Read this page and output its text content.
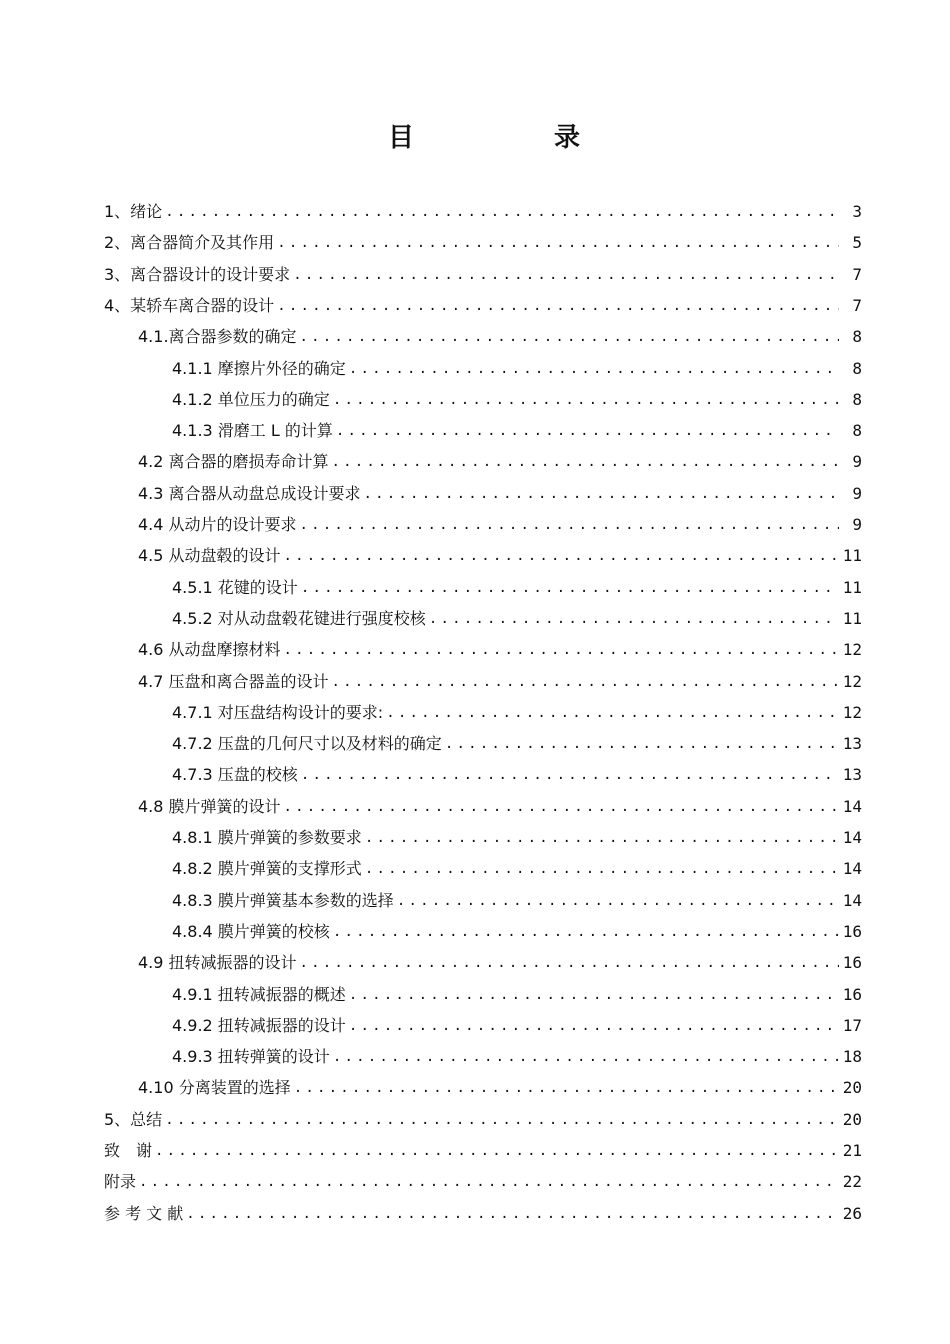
目	录
1、绪论 .....	3
2、离合器简介及其作用 .....	5
3、离合器设计的设计要求 .....	7
4、某轿车离合器的设计 .....	7
4.1.离合器参数的确定 .....	8
4.1.1 摩擦片外径的确定 .....	8
4.1.2 单位压力的确定 .....	8
4.1.3 滑磨工 L 的计算 .....	8
4.2 离合器的磨损寿命计算 .....	9
4.3 离合器从动盘总成设计要求 .....	9
4.4 从动片的设计要求 .....	9
4.5 从动盘毂的设计 .....	11
4.5.1 花键的设计 .....	11
4.5.2 对从动盘毂花键进行强度校核 .....	11
4.6 从动盘摩擦材料 .....	12
4.7 压盘和离合器盖的设计 .....	12
4.7.1 对压盘结构设计的要求: .....	12
4.7.2 压盘的几何尺寸以及材料的确定 .....	13
4.7.3 压盘的校核 .....	13
4.8 膜片弹簧的设计 .....	14
4.8.1 膜片弹簧的参数要求 .....	14
4.8.2 膜片弹簧的支撑形式 .....	14
4.8.3 膜片弹簧基本参数的选择 .....	14
4.8.4 膜片弹簧的校核 .....	16
4.9 扭转减振器的设计 .....	16
4.9.1 扭转减振器的概述 .....	16
4.9.2 扭转减振器的设计 .....	17
4.9.3 扭转弹簧的设计 .....	18
4.10 分离装置的选择 .....	20
5、总结 .....	20
致　谢 .....	21
附录 .....	22
参 考 文 献 .....	26
